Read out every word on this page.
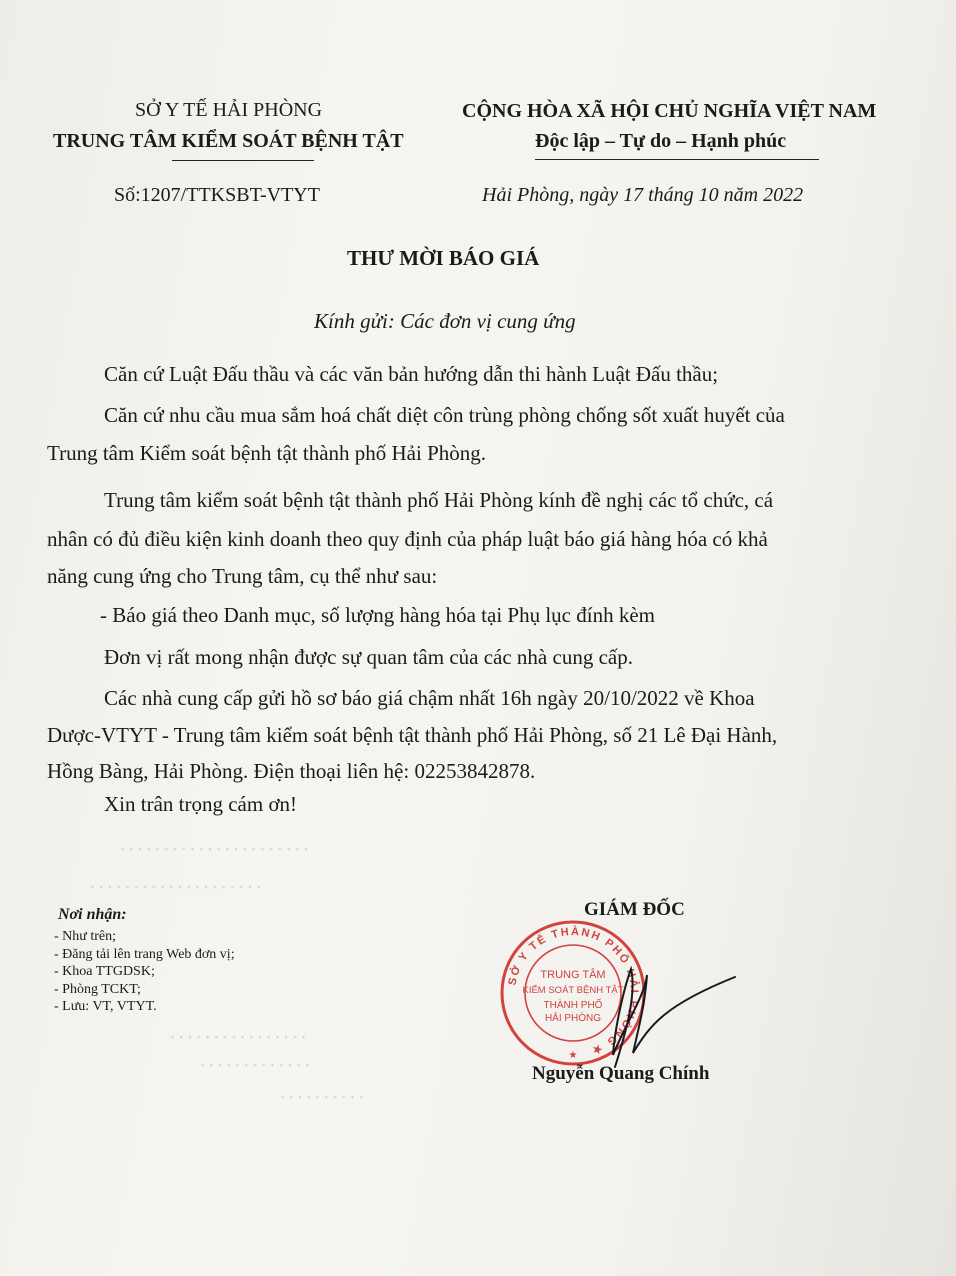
SỞ Y TẾ HẢI PHÒNG
TRUNG TÂM KIỂM SOÁT BỆNH TẬT
Số:1207/TTKSBT-VTYT
CỘNG HÒA XÃ HỘI CHỦ NGHĨA VIỆT NAM
Độc lập – Tự do – Hạnh phúc
Hải Phòng, ngày 17 tháng 10 năm 2022
THƯ MỜI BÁO GIÁ
Kính gửi: Các đơn vị cung ứng
Căn cứ Luật Đấu thầu và các văn bản hướng dẫn thi hành Luật Đấu thầu;
Căn cứ nhu cầu mua sắm hoá chất diệt côn trùng phòng chống sốt xuất huyết của
Trung tâm Kiểm soát bệnh tật thành phố Hải Phòng.
Trung tâm kiểm soát bệnh tật thành phố Hải Phòng kính đề nghị các tổ chức, cá
nhân có đủ điều kiện kinh doanh theo quy định của pháp luật báo giá hàng hóa có khả
năng cung ứng cho Trung tâm, cụ thể như sau:
- Báo giá theo Danh mục, số lượng hàng hóa tại Phụ lục đính kèm
Đơn vị rất mong nhận được sự quan tâm của các nhà cung cấp.
Các nhà cung cấp gửi hồ sơ báo giá chậm nhất 16h ngày 20/10/2022 về Khoa
Dược-VTYT - Trung tâm kiểm soát bệnh tật thành phố Hải Phòng, số 21 Lê Đại Hành,
Hồng Bàng, Hải Phòng. Điện thoại liên hệ: 02253842878.
Xin trân trọng cám ơn!
· · · · · · · · · · · · · · · · · · · · · ·
· · · · · · · · · · · · · · · · · · · ·
· · · · · · · · · · · · · · · ·
· · · · · · · · · · · · ·
· · · · · · · · · ·
Nơi nhận:
- Như trên;
- Đăng tải lên trang Web đơn vị;
- Khoa TTGDSK;
- Phòng TCKT;
- Lưu: VT, VTYT.
GIÁM ĐỐC
SỞ Y TẾ THÀNH PHỐ HẢI PHÒNG ★
TRUNG TÂM
KIỂM SOÁT BỆNH TẬT
THÀNH PHỐ
HẢI PHÒNG
★
Nguyễn Quang Chính
